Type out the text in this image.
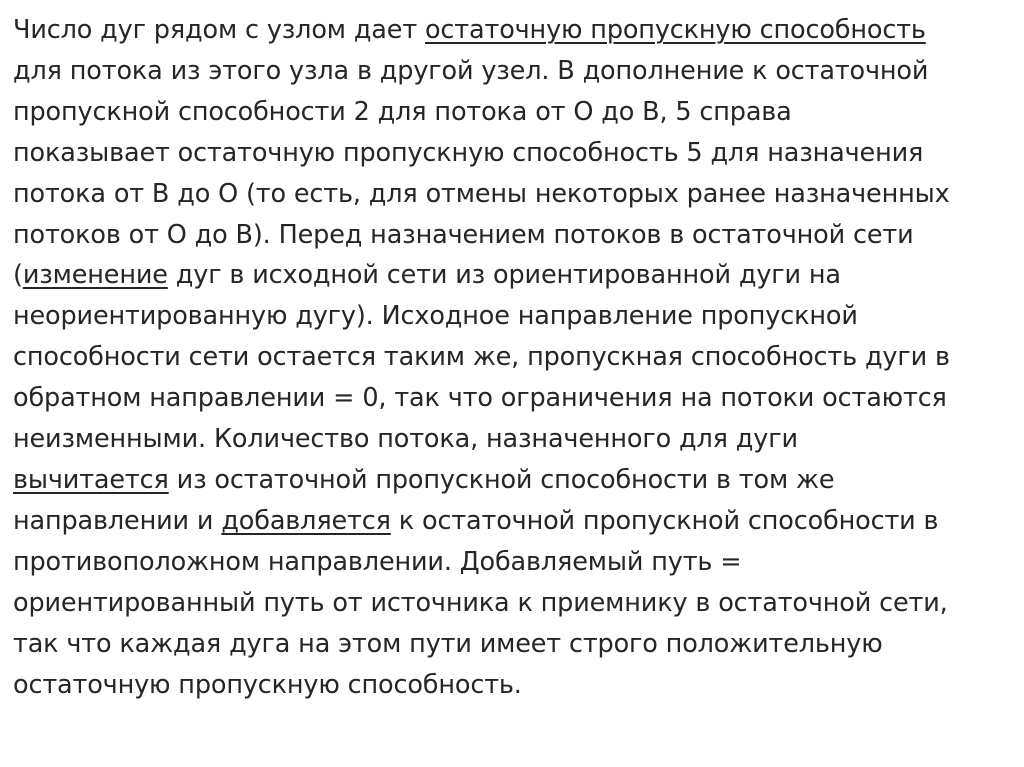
Число дуг рядом с узлом дает остаточную пропускную способность
для потока из этого узла в другой узел. В дополнение к остаточной
пропускной способности 2 для потока от O до B, 5 справа
показывает остаточную пропускную способность 5 для назначения
потока от B до O (то есть, для отмены некоторых ранее назначенных
потоков от O до B). Перед назначением потоков в остаточной сети
(изменение дуг в исходной сети из ориентированной дуги на
неориентированную дугу). Исходное направление пропускной
способности сети остается таким же, пропускная способность дуги в
обратном направлении = 0, так что ограничения на потоки остаются
неизменными. Количество потока, назначенного для дуги
вычитается из остаточной пропускной способности в том же
направлении и добавляется к остаточной пропускной способности в
противоположном направлении. Добавляемый путь =
ориентированный путь от источника к приемнику в остаточной сети,
так что каждая дуга на этом пути имеет строго положительную
остаточную пропускную способность.
